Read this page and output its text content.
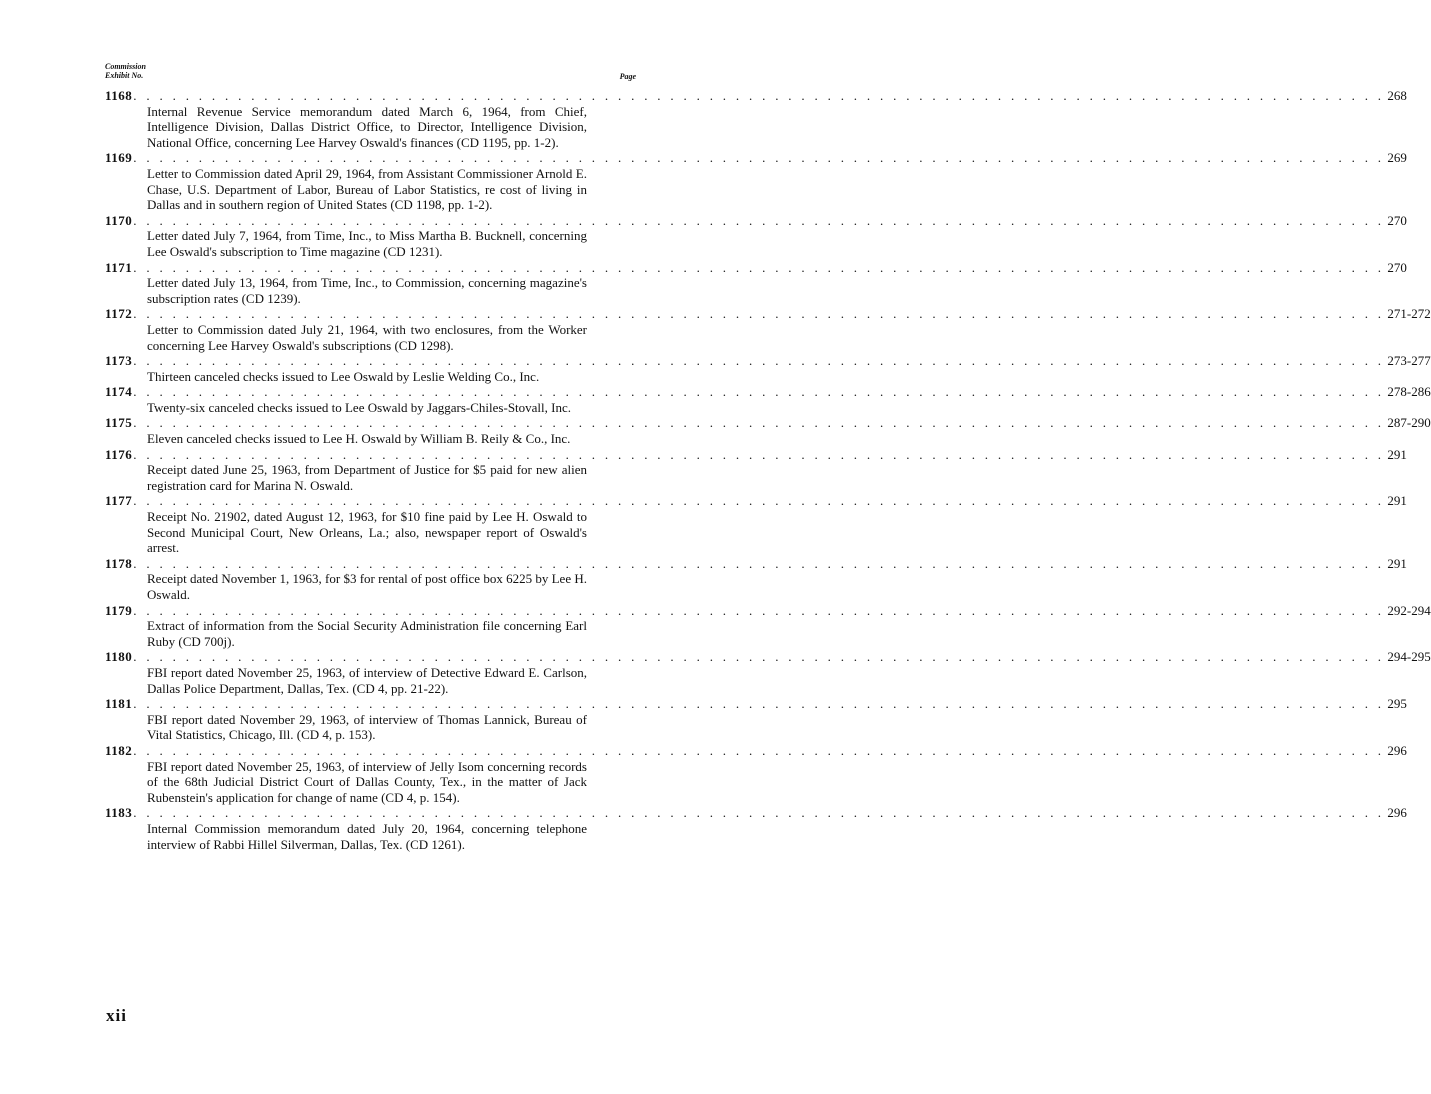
Commission
Exhibit No.	Page
1168 . . . . . . . . . . . . . . . . . . . . . . . . . . . . . . . . . . . . . . . . . . . . . . . . . . . . . . . . . . . . . . . . . . . . . . . . . . . . . . . . . . . . . . . . . . . . . . . . 268
Internal Revenue Service memorandum dated March 6, 1964, from Chief, Intelligence Division, Dallas District Office, to Director, Intelligence Division, National Office, concerning Lee Harvey Oswald's finances (CD 1195, pp. 1-2).
1169 . . . . . . . . . . . . . . . . . . . . . . . . . . . . . . . . . . . . . . . . . . . . . . . . . . . . . . . . . . . . . . . . . . . . . . . . . . . . . . . . . . . . . . . . . . . . . . . . 269
Letter to Commission dated April 29, 1964, from Assistant Commissioner Arnold E. Chase, U.S. Department of Labor, Bureau of Labor Statistics, re cost of living in Dallas and in southern region of United States (CD 1198, pp. 1-2).
1170 . . . . . . . . . . . . . . . . . . . . . . . . . . . . . . . . . . . . . . . . . . . . . . . . . . . . . . . . . . . . . . . . . . . . . . . . . . . . . . . . . . . . . . . . . . . . . . . . 270
Letter dated July 7, 1964, from Time, Inc., to Miss Martha B. Bucknell, concerning Lee Oswald's subscription to Time magazine (CD 1231).
1171 . . . . . . . . . . . . . . . . . . . . . . . . . . . . . . . . . . . . . . . . . . . . . . . . . . . . . . . . . . . . . . . . . . . . . . . . . . . . . . . . . . . . . . . . . . . . . . . . 270
Letter dated July 13, 1964, from Time, Inc., to Commission, concerning magazine's subscription rates (CD 1239).
1172 . . . . . . . . . . . . . . . . . . . . . . . . . . . . . . . . . . . . . . . . . . . . . . . . . . . . . . . . . . . . . . . . . . . . . . . . . . . . . . . . . . . . . . . . . . . . . . . . 271-272
Letter to Commission dated July 21, 1964, with two enclosures, from the Worker concerning Lee Harvey Oswald's subscriptions (CD 1298).
1173 . . . . . . . . . . . . . . . . . . . . . . . . . . . . . . . . . . . . . . . . . . . . . . . . . . . . . . . . . . . . . . . . . . . . . . . . . . . . . . . . . . . . . . . . . . . . . . . . 273-277
Thirteen canceled checks issued to Lee Oswald by Leslie Welding Co., Inc.
1174 . . . . . . . . . . . . . . . . . . . . . . . . . . . . . . . . . . . . . . . . . . . . . . . . . . . . . . . . . . . . . . . . . . . . . . . . . . . . . . . . . . . . . . . . . . . . . . . . 278-286
Twenty-six canceled checks issued to Lee Oswald by Jaggars-Chiles-Stovall, Inc.
1175 . . . . . . . . . . . . . . . . . . . . . . . . . . . . . . . . . . . . . . . . . . . . . . . . . . . . . . . . . . . . . . . . . . . . . . . . . . . . . . . . . . . . . . . . . . . . . . . . 287-290
Eleven canceled checks issued to Lee H. Oswald by William B. Reily & Co., Inc.
1176 . . . . . . . . . . . . . . . . . . . . . . . . . . . . . . . . . . . . . . . . . . . . . . . . . . . . . . . . . . . . . . . . . . . . . . . . . . . . . . . . . . . . . . . . . . . . . . . . 291
Receipt dated June 25, 1963, from Department of Justice for $5 paid for new alien registration card for Marina N. Oswald.
1177 . . . . . . . . . . . . . . . . . . . . . . . . . . . . . . . . . . . . . . . . . . . . . . . . . . . . . . . . . . . . . . . . . . . . . . . . . . . . . . . . . . . . . . . . . . . . . . . . 291
Receipt No. 21902, dated August 12, 1963, for $10 fine paid by Lee H. Oswald to Second Municipal Court, New Orleans, La.; also, newspaper report of Oswald's arrest.
1178 . . . . . . . . . . . . . . . . . . . . . . . . . . . . . . . . . . . . . . . . . . . . . . . . . . . . . . . . . . . . . . . . . . . . . . . . . . . . . . . . . . . . . . . . . . . . . . . . 291
Receipt dated November 1, 1963, for $3 for rental of post office box 6225 by Lee H. Oswald.
1179 . . . . . . . . . . . . . . . . . . . . . . . . . . . . . . . . . . . . . . . . . . . . . . . . . . . . . . . . . . . . . . . . . . . . . . . . . . . . . . . . . . . . . . . . . . . . . . . . 292-294
Extract of information from the Social Security Administration file concerning Earl Ruby (CD 700j).
1180 . . . . . . . . . . . . . . . . . . . . . . . . . . . . . . . . . . . . . . . . . . . . . . . . . . . . . . . . . . . . . . . . . . . . . . . . . . . . . . . . . . . . . . . . . . . . . . . . 294-295
FBI report dated November 25, 1963, of interview of Detective Edward E. Carlson, Dallas Police Department, Dallas, Tex. (CD 4, pp. 21-22).
1181 . . . . . . . . . . . . . . . . . . . . . . . . . . . . . . . . . . . . . . . . . . . . . . . . . . . . . . . . . . . . . . . . . . . . . . . . . . . . . . . . . . . . . . . . . . . . . . . . 295
FBI report dated November 29, 1963, of interview of Thomas Lannick, Bureau of Vital Statistics, Chicago, Ill. (CD 4, p. 153).
1182 . . . . . . . . . . . . . . . . . . . . . . . . . . . . . . . . . . . . . . . . . . . . . . . . . . . . . . . . . . . . . . . . . . . . . . . . . . . . . . . . . . . . . . . . . . . . . . . . 296
FBI report dated November 25, 1963, of interview of Jelly Isom concerning records of the 68th Judicial District Court of Dallas County, Tex., in the matter of Jack Rubenstein's application for change of name (CD 4, p. 154).
1183 . . . . . . . . . . . . . . . . . . . . . . . . . . . . . . . . . . . . . . . . . . . . . . . . . . . . . . . . . . . . . . . . . . . . . . . . . . . . . . . . . . . . . . . . . . . . . . . . 296
Internal Commission memorandum dated July 20, 1964, concerning telephone interview of Rabbi Hillel Silverman, Dallas, Tex. (CD 1261).
xii
